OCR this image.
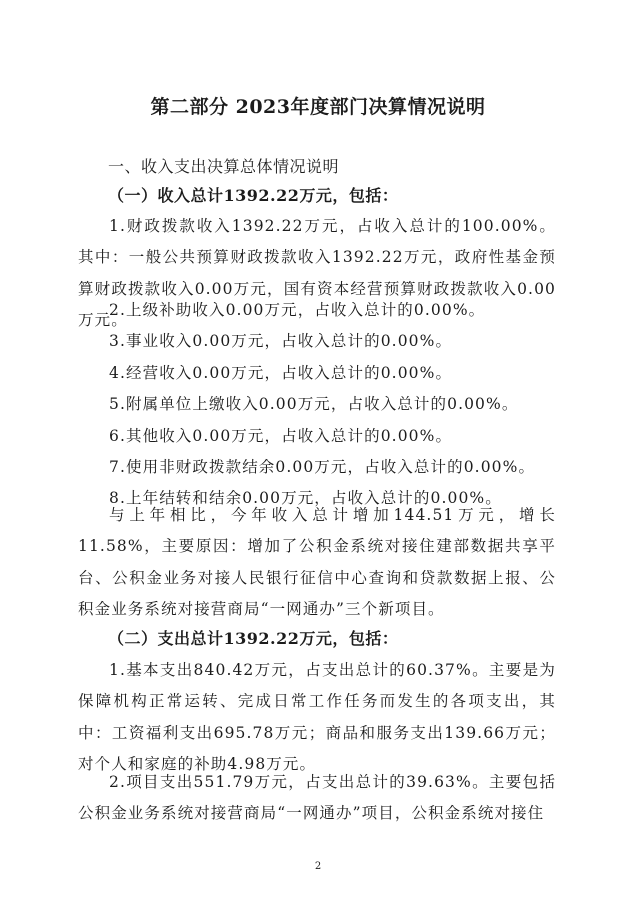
第二部分 2023年度部门决算情况说明
一、收入支出决算总体情况说明
（一）收入总计1392.22万元，包括：
1.财政拨款收入1392.22万元，占收入总计的100.00%。其中：一般公共预算财政拨款收入1392.22万元，政府性基金预算财政拨款收入0.00万元，国有资本经营预算财政拨款收入0.00万元。
2.上级补助收入0.00万元，占收入总计的0.00%。
3.事业收入0.00万元，占收入总计的0.00%。
4.经营收入0.00万元，占收入总计的0.00%。
5.附属单位上缴收入0.00万元，占收入总计的0.00%。
6.其他收入0.00万元，占收入总计的0.00%。
7.使用非财政拨款结余0.00万元，占收入总计的0.00%。
8.上年结转和结余0.00万元，占收入总计的0.00%。
与上年相比，今年收入总计增加144.51万元，增长11.58%，主要原因：增加了公积金系统对接住建部数据共享平台、公积金业务对接人民银行征信中心查询和贷款数据上报、公积金业务系统对接营商局“一网通办”三个新项目。
（二）支出总计1392.22万元，包括：
1.基本支出840.42万元，占支出总计的60.37%。主要是为保障机构正常运转、完成日常工作任务而发生的各项支出，其中：工资福利支出695.78万元；商品和服务支出139.66万元；对个人和家庭的补助4.98万元。
2.项目支出551.79万元，占支出总计的39.63%。主要包括公积金业务系统对接营商局“一网通办”项目，公积金系统对接住
2
